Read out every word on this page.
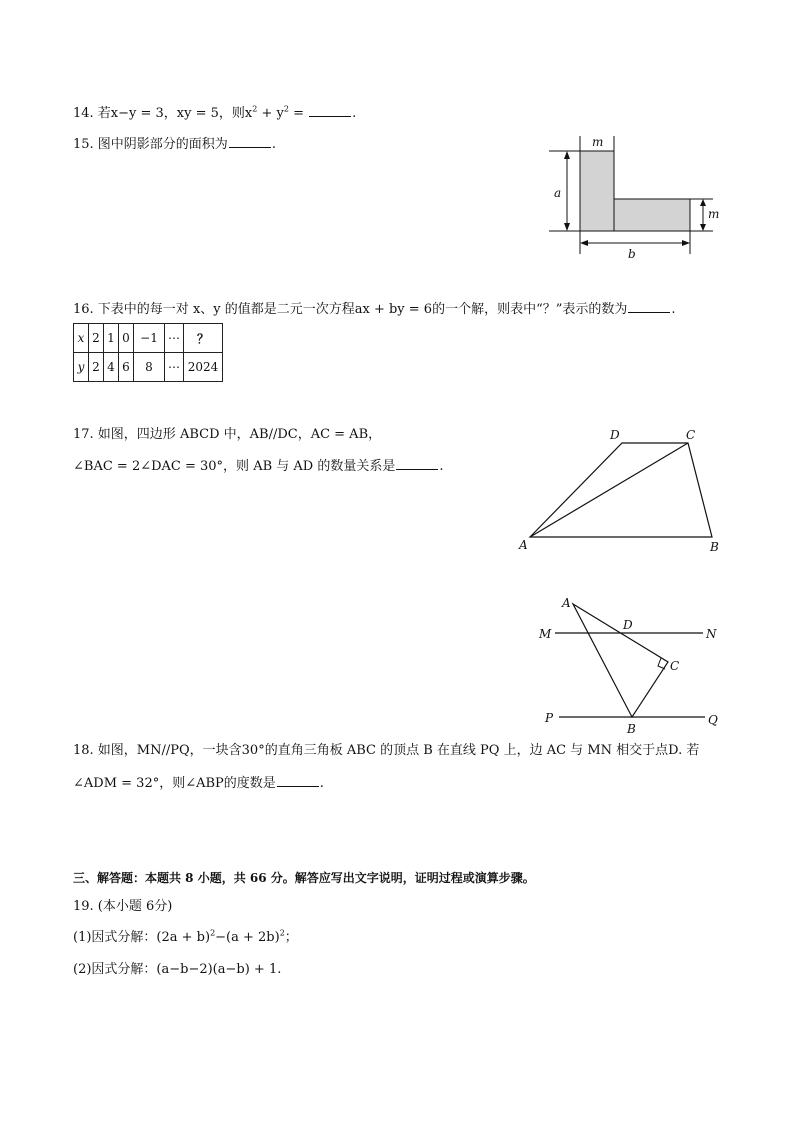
14. 若x−y = 3，xy = 5，则$x^2 + y^2$ =	.
15. 图中阴影部分的面积为	.	m
a
m
b
16. 下表中的每一对 x、y 的值都是二元一次方程ax + by = 6的一个解，则表中“？”表示的数为	.
x	2	1	0	−1	⋯	？
y	2	4	6	8	⋯	2024
17. 如图，四边形 ABCD 中，AB//DC，AC = AB，
∠BAC = 2∠DAC = 30°，则 AB 与 AD 的数量关系是	.
D	C
A	B
A
D
M	N
C
P
B
Q
18. 如图，MN//PQ，一块含30°的直角三角板 ABC 的顶点 B 在直线 PQ 上，边 AC 与 MN 相交于点D. 若
∠ADM = 32°，则∠ABP的度数是	.
三、解答题：本题共 8 小题，共 66 分。解答应写出文字说明，证明过程或演算步骤。
19. (本小题 6分)
(1)因式分解：$(2a + b)^2-(a + 2b)^2$；
(2)因式分解：(a−b−2)(a−b) + 1.
